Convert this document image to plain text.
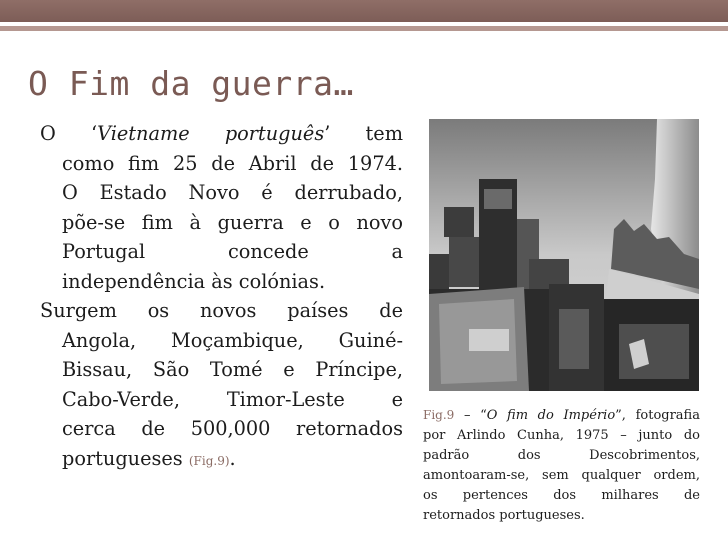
O Fim da guerra…
O ‘Vietname português’ tem
como fim 25 de Abril de 1974.
O Estado Novo é derrubado,
põe-se fim à guerra e o novo
Portugal concede a
independência às colónias.
Surgem os novos países de
Angola, Moçambique, Guiné-
Bissau, São Tomé e Príncipe,
Cabo-Verde, Timor-Leste e
cerca de 500,000 retornados
portugueses (Fig.9).
Fig.9 – “O fim do Império”, fotografia
por Arlindo Cunha, 1975 – junto do
padrão dos Descobrimentos,
amontoaram-se, sem qualquer ordem,
os pertences dos milhares de
retornados portugueses.
